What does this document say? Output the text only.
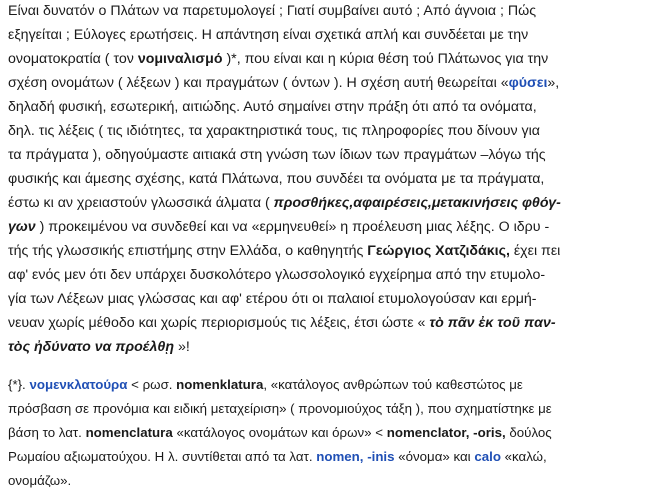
Είναι δυνατόν ο Πλάτων να παρετυμολογεί ; Γιατί συμβαίνει αυτό ; Από άγνοια ; Πώς
εξηγείται ; Εύλογες ερωτήσεις. Η απάντηση είναι σχετικά απλή και συνδέεται με την
ονοματοκρατία ( τον νομιναλισμό )*, που είναι και η κύρια θέση τού Πλάτωνος για την
σχέση ονομάτων ( λέξεων ) και πραγμάτων ( όντων ). Η σχέση αυτή θεωρείται «φύσει»,
δηλαδή φυσική, εσωτερική, αιτιώδης. Αυτό σημαίνει στην πράξη ότι από τα ονόματα,
δηλ. τις λέξεις ( τις ιδιότητες, τα χαρακτηριστικά τους, τις πληροφορίες που δίνουν για
τα πράγματα ), οδηγούμαστε αιτιακά στη γνώση των ίδιων των πραγμάτων –λόγω τής
φυσικής και άμεσης σχέσης, κατά Πλάτωνα, που συνδέει τα ονόματα με τα πράγματα,
έστω κι αν χρειαστούν γλωσσικά άλματα ( προσθήκες,αφαιρέσεις,μετακινήσεις φθόγ-
γων ) προκειμένου να συνδεθεί και να «ερμηνευθεί» η προέλευση μιας λέξης. Ο ιδρυ -
τής τής γλωσσικής επιστήμης στην Ελλάδα, ο καθηγητής Γεώργιος Χατζιδάκις, έχει πει
αφ' ενός μεν ότι δεν υπάρχει δυσκολότερο γλωσσολογικό εγχείρημα από την ετυμολο-
γία των Λέξεων μιας γλώσσας και αφ' ετέρου ότι οι παλαιοί ετυμολογούσαν και ερμή-
νευαν χωρίς μέθοδο και χωρίς περιορισμούς τις λέξεις, έτσι ώστε « τὸ πᾶν ἐκ τοῦ παν-
τὸς ἠδύνατο να προέλθῃ »!
{*}. νομενκλατούρα < ρωσ. nomenklatura, «κατάλογος ανθρώπων τού καθεστώτος με
πρόσβαση σε προνόμια και ειδική μεταχείριση» ( προνομιούχος τάξη ), που σχηματίστηκε με
βάση το λατ. nomenclatura «κατάλογος ονομάτων και όρων» < nomenclator, -oris, δούλος
Ρωμαίου αξιωματούχου. Η λ. συντίθεται από τα λατ. nomen, -inis «όνομα» και calo «καλώ,
ονομάζω».
